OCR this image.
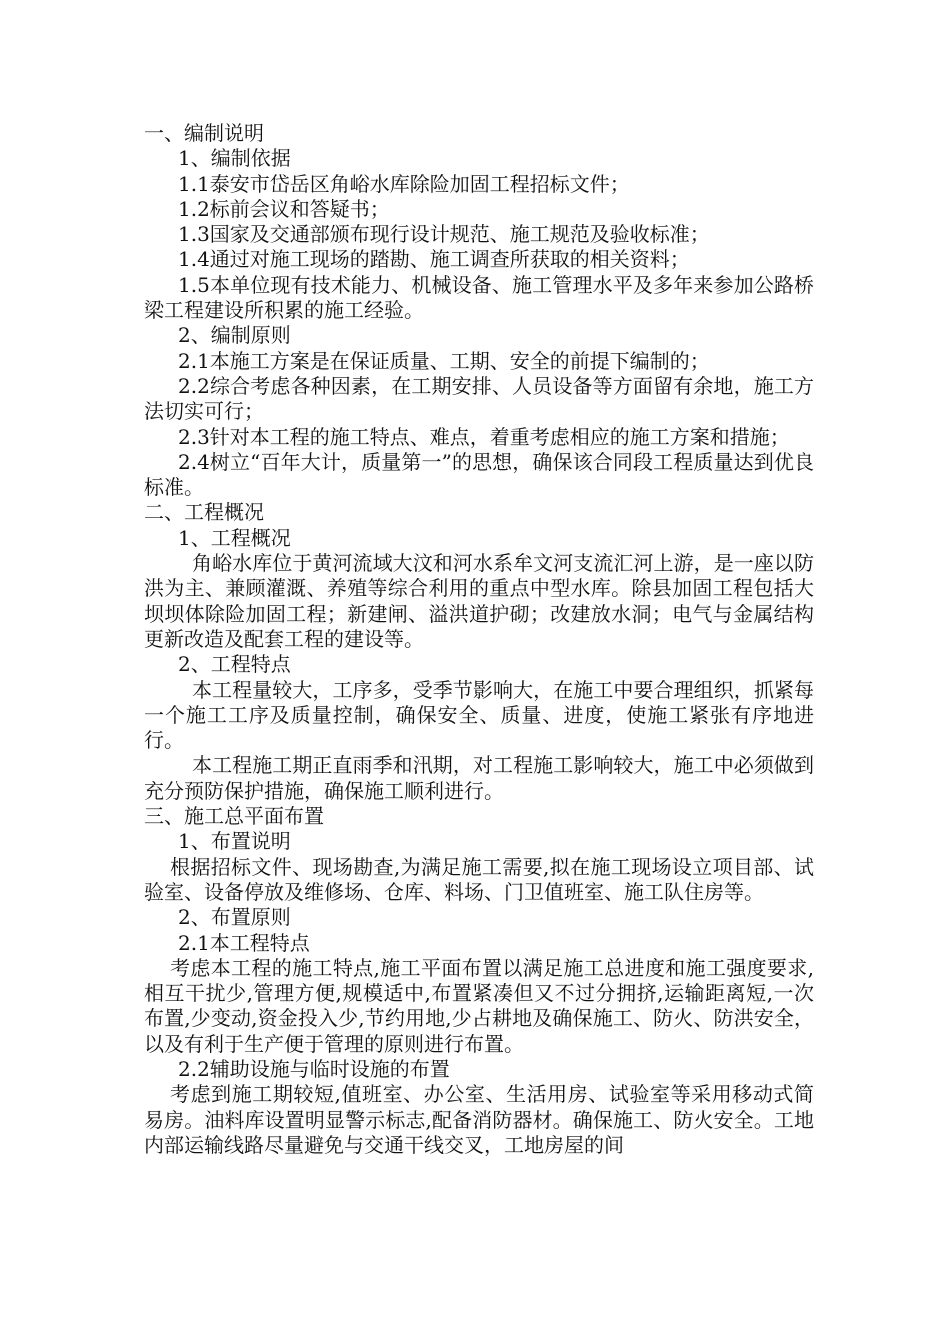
一、编制说明

1、编制依据

1.1泰安市岱岳区角峪水库除险加固工程招标文件；

1.2标前会议和答疑书；

1.3国家及交通部颁布现行设计规范、施工规范及验收标准；

1.4通过对施工现场的踏勘、施工调查所获取的相关资料；

1.5本单位现有技术能力、机械设备、施工管理水平及多年来参加公路桥梁工程建设所积累的施工经验。

2、编制原则

2.1本施工方案是在保证质量、工期、安全的前提下编制的；

2.2综合考虑各种因素，在工期安排、人员设备等方面留有余地，施工方法切实可行；

2.3针对本工程的施工特点、难点，着重考虑相应的施工方案和措施；

2.4树立“百年大计，质量第一”的思想，确保该合同段工程质量达到优良标准。

二、工程概况

1、工程概况

角峪水库位于黄河流域大汶和河水系牟文河支流汇河上游，是一座以防洪为主、兼顾灌溉、养殖等综合利用的重点中型水库。除县加固工程包括大坝坝体除险加固工程；新建闸、溢洪道护砌；改建放水洞；电气与金属结构更新改造及配套工程的建设等。

2、工程特点

本工程量较大，工序多，受季节影响大，在施工中要合理组织，抓紧每一个施工工序及质量控制，确保安全、质量、进度，使施工紧张有序地进行。

本工程施工期正直雨季和汛期，对工程施工影响较大，施工中必须做到充分预防保护措施，确保施工顺利进行。

三、施工总平面布置

1、布置说明

根据招标文件、现场勘查,为满足施工需要,拟在施工现场设立项目部、试验室、设备停放及维修场、仓库、料场、门卫值班室、施工队住房等。

2、布置原则

2.1本工程特点

考虑本工程的施工特点,施工平面布置以满足施工总进度和施工强度要求,相互干扰少,管理方便,规模适中,布置紧凑但又不过分拥挤,运输距离短,一次布置,少变动,资金投入少,节约用地,少占耕地及确保施工、防火、防洪安全，以及有利于生产便于管理的原则进行布置。

2.2辅助设施与临时设施的布置

考虑到施工期较短,值班室、办公室、生活用房、试验室等采用移动式简易房。油料库设置明显警示标志,配备消防器材。确保施工、防火安全。工地内部运输线路尽量避免与交通干线交叉，工地房屋的间
